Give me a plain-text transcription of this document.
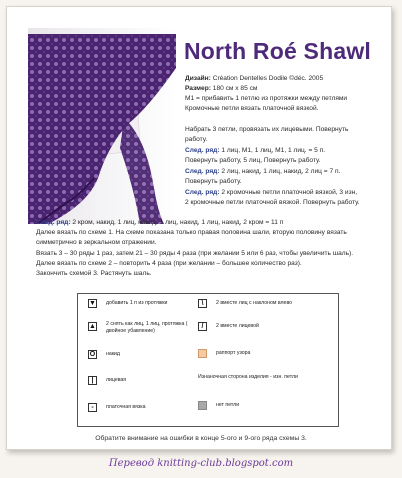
North Roé Shawl
Дизайн: Création Dentelles Dodile ©déc. 2005
Размер: 180 см x 85 см
M1 = прибавить 1 петлю из протяжки между петлями
Кромочные петли вязать платочной вязкой.
Набрать 3 петли, провязать их лицевыми. Повернуть
работу.
След. ряд: 1 лиц, М1, 1 лиц, М1, 1 лиц. = 5 п.
Повернуть работу, 5 лиц, Повернуть работу.
След. ряд: 2 лиц, накид, 1 лиц, накид, 2 лиц = 7 п.
Повернуть работу.
След. ряд: 2 кромочные петли платочной вязкой, 3 изн,
2 кромочные петли платочной вязкой. Повернуть работу.
След. ряд: 2 кром, накид, 1 лиц, накид, 1 лиц, накид, 1 лиц, накид, 2 кром = 11 п
Далее вязать по схеме 1. На схеме показана только правая половина шали, вторую половину вязать
симметрично в зеркальном отражении.
Вязать 3 – 30 ряды 1 раз, затем 21 – 30 ряды 4 раза (при желании 5 или 6 раз, чтобы увеличить шаль).
Далее вязать по схеме 2 – повторить 4 раза (при желании – большее количество раз).
Закончить схемой 3. Растянуть шаль.
▼ добавить 1 п из протяжки
▲ 2 снять как лиц, 1 лиц, протяжка ( двойное убавление)
O	накид
|	лицевая
-	платочная вязка
\	2 вместе лиц с наклоном влево
/	2 вместе лицевой
раппорт узора
Изнаночная сторона изделия - изн. петли
нет петли
Обратите внимание на ошибки в конце 5-ого и 9-ого ряда схемы 3.
Перевод knitting-club.blogspot.com
